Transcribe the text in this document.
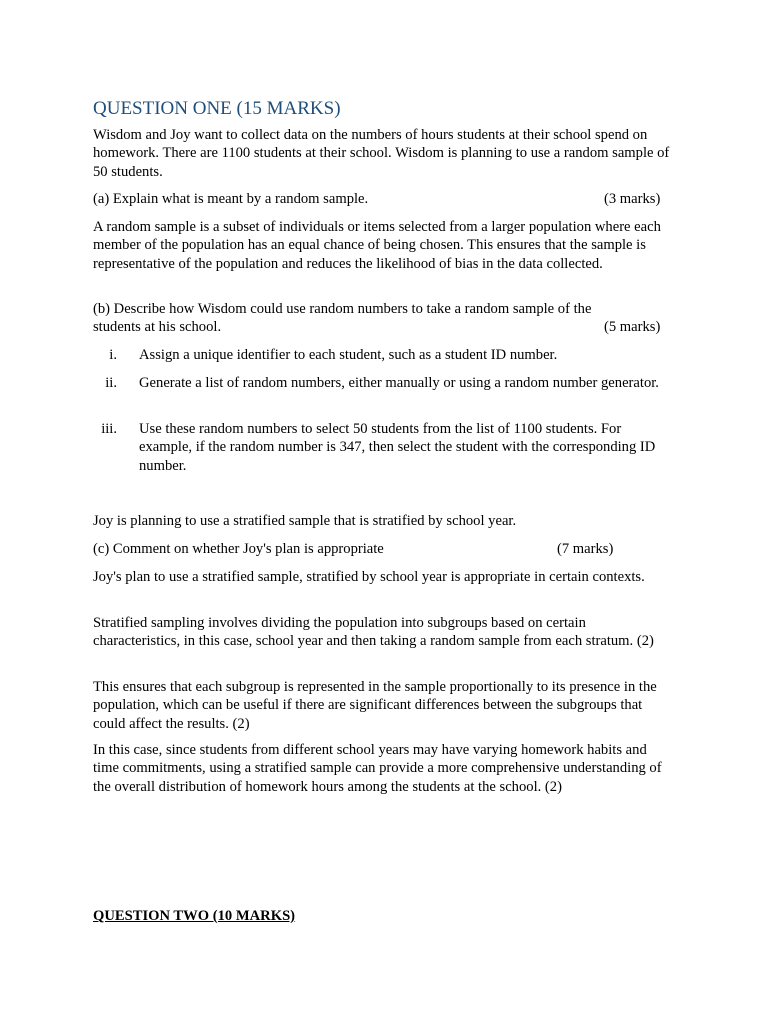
QUESTION ONE (15 MARKS)

Wisdom and Joy want to collect data on the numbers of hours students at their school spend on homework. There are 1100 students at their school. Wisdom is planning to use a random sample of 50 students.

(a) Explain what is meant by a random sample.	(3 marks)

A random sample is a subset of individuals or items selected from a larger population where each member of the population has an equal chance of being chosen. This ensures that the sample is representative of the population and reduces the likelihood of bias in the data collected.

(b) Describe how Wisdom could use random numbers to take a random sample of the
students at his school.	(5 marks)
i. Assign a unique identifier to each student, such as a student ID number.
ii. Generate a list of random numbers, either manually or using a random number generator.
iii. Use these random numbers to select 50 students from the list of 1100 students. For example, if the random number is 347, then select the student with the corresponding ID number.
Joy is planning to use a stratified sample that is stratified by school year.
(c) Comment on whether Joy's plan is appropriate	(7 marks)

Joy's plan to use a stratified sample, stratified by school year is appropriate in certain contexts.

Stratified sampling involves dividing the population into subgroups based on certain characteristics, in this case, school year and then taking a random sample from each stratum. (2)

This ensures that each subgroup is represented in the sample proportionally to its presence in the population, which can be useful if there are significant differences between the subgroups that could affect the results. (2)

In this case, since students from different school years may have varying homework habits and time commitments, using a stratified sample can provide a more comprehensive understanding of the overall distribution of homework hours among the students at the school. (2)

QUESTION TWO (10 MARKS)
